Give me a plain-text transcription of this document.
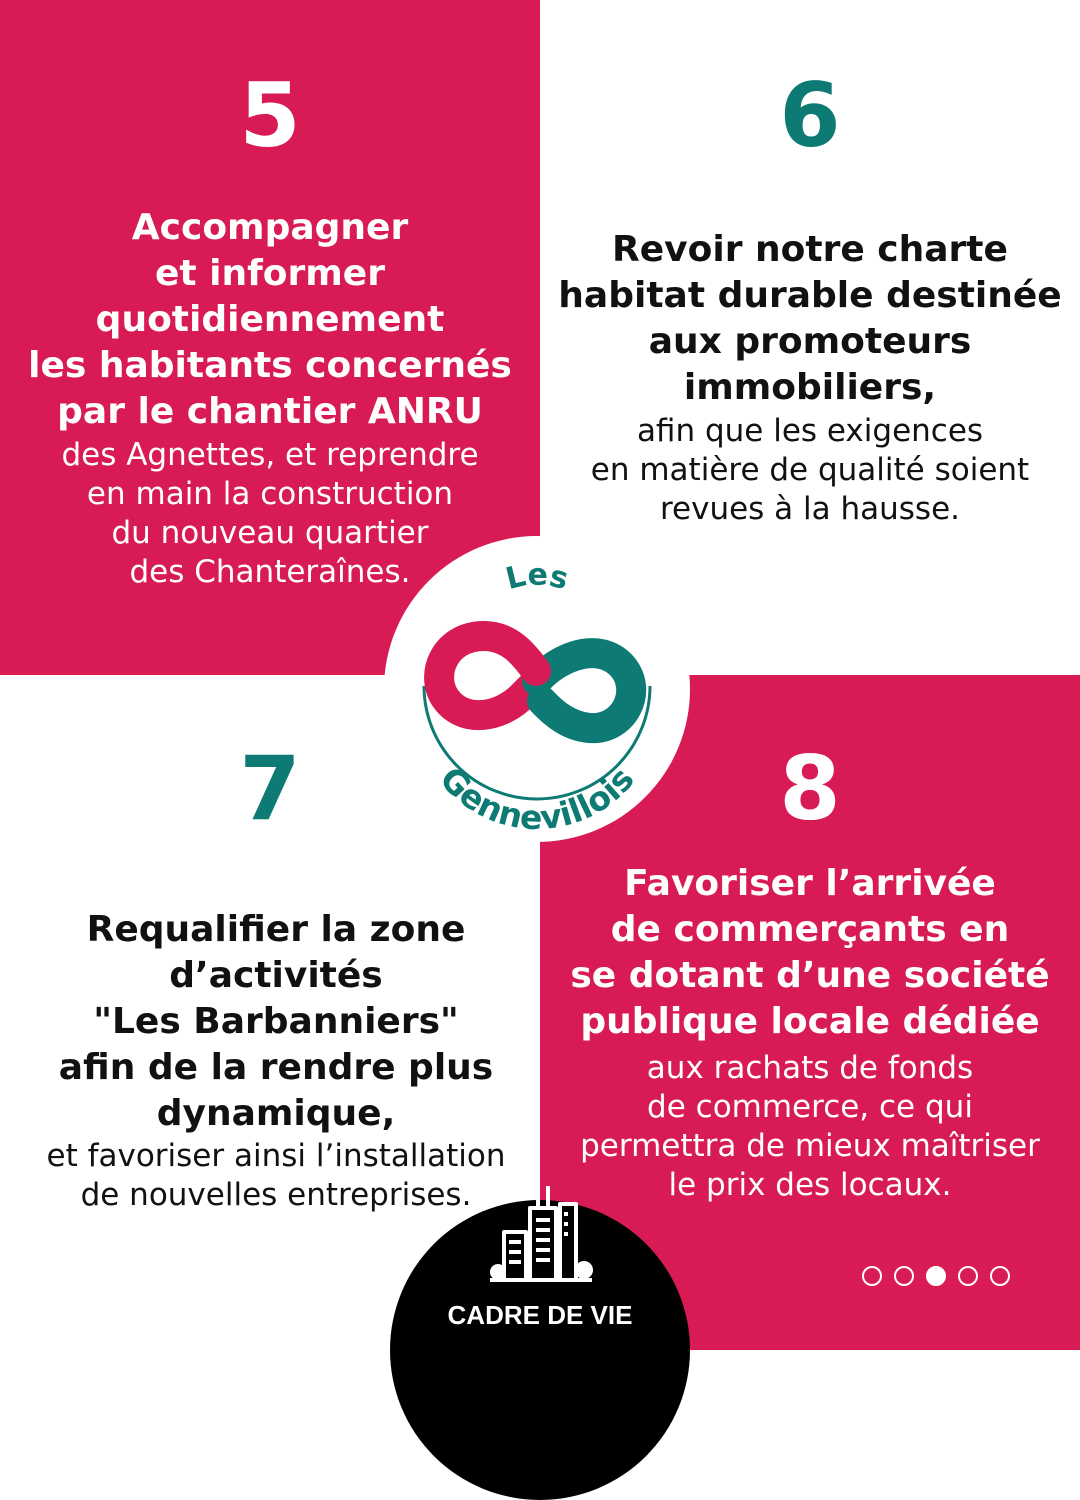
5
Accompagner
et informer
quotidiennement
les habitants concernés
par le chantier ANRU
des Agnettes, et reprendre
en main la construction
du nouveau quartier
des Chanteraînes.
6
Revoir notre charte
habitat durable destinée
aux promoteurs
immobiliers,
afin que les exigences
en matière de qualité soient
revues à la hausse.
7
Requalifier la zone
d’activités
"Les Barbanniers"
afin de la rendre plus
dynamique,
et favoriser ainsi l’installation
de nouvelles entreprises.
8
Favoriser l’arrivée
de commerçants en
se dotant d’une société
publique locale dédiée
aux rachats de fonds
de commerce, ce qui
permettra de mieux maîtriser
le prix des locaux.
Les
Gennevillois
CADRE DE VIE
